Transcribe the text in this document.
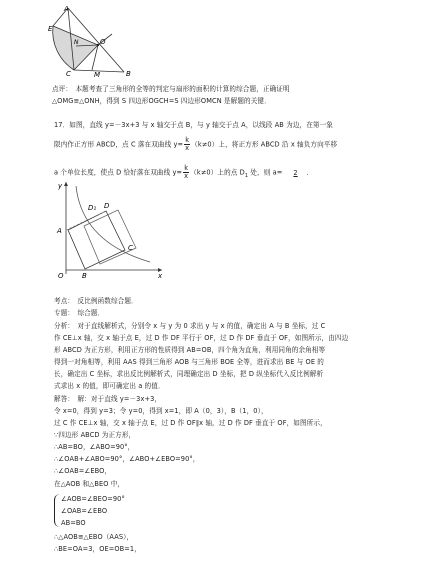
A
E
N	O
C	M	B
点评：　本题考查了三角形的全等的判定与扇形的面积的计算的综合题，正确证明
△OMG≌△ONH，得到 S 四边形OGCH=S 四边形OMCN 是解题的关键．
17．如图，直线 y=－3x+3 与 x 轴交于点 B，与 y 轴交于点 A，以线段 AB 为边，在第一象
限内作正方形 ABCD，点 C 落在双曲线 $y= \frac{k}{x} (k\ne 0)$上，将正方形 ABCD 沿 x 轴负方向平移
a 个单位长度，使点 D 恰好落在双曲线 $y= \frac{k}{x} (k\ne 0)$上的点 $D_1$ 处，则 a= 2 ．
y
D
D₁
A
C
O	B	x
考点：　反比例函数综合题．
专题：　综合题．
分析：　对于直线解析式，分别令 x 与 y 为 0 求出 y 与 x 的值，确定出 A 与 B 坐标，过 C
作 CE⊥x 轴，交 x 轴于点 E，过 D 作 DF 平行于 OF，过 D 作 DF 垂直于 OF，如图所示，由四边
形 ABCD 为正方形，利用正方形的性质得到 AB=OB，四个角为直角，利用同角的余角相等
得到一对角相等，利用 AAS 得到三角形 AOB 与三角形 BOE 全等，进而求出 BE 与 OE 的
长，确定出 C 坐标，求出反比例解析式，同理确定出 D 坐标，把 D 纵坐标代入反比例解析
式求出 x 的值，即可确定出 a 的值．
解答：　解：对于直线 y=－3x+3，
令 x=0，得到 y=3；令 y=0，得到 x=1，即 A（0，3），B（1，0），
过 C 作 CE⊥x 轴，交 x 轴于点 E，过 D 作 OF∥x 轴，过 D 作 DF 垂直于 OF，如图所示，
∵四边形 ABCD 为正方形，
∴AB=BO，∠ABO=90°，
∴∠OAB+∠ABO=90°，∠ABO+∠EBO=90°，
∴∠OAB=∠EBO，
在△AOB 和△BEO 中，
∠AOB=∠BEO=90°
∠OAB=∠EBO
AB=BO
∴△AOB≌△EBO（AAS），
∴BE=OA=3，OE=OB=1，
